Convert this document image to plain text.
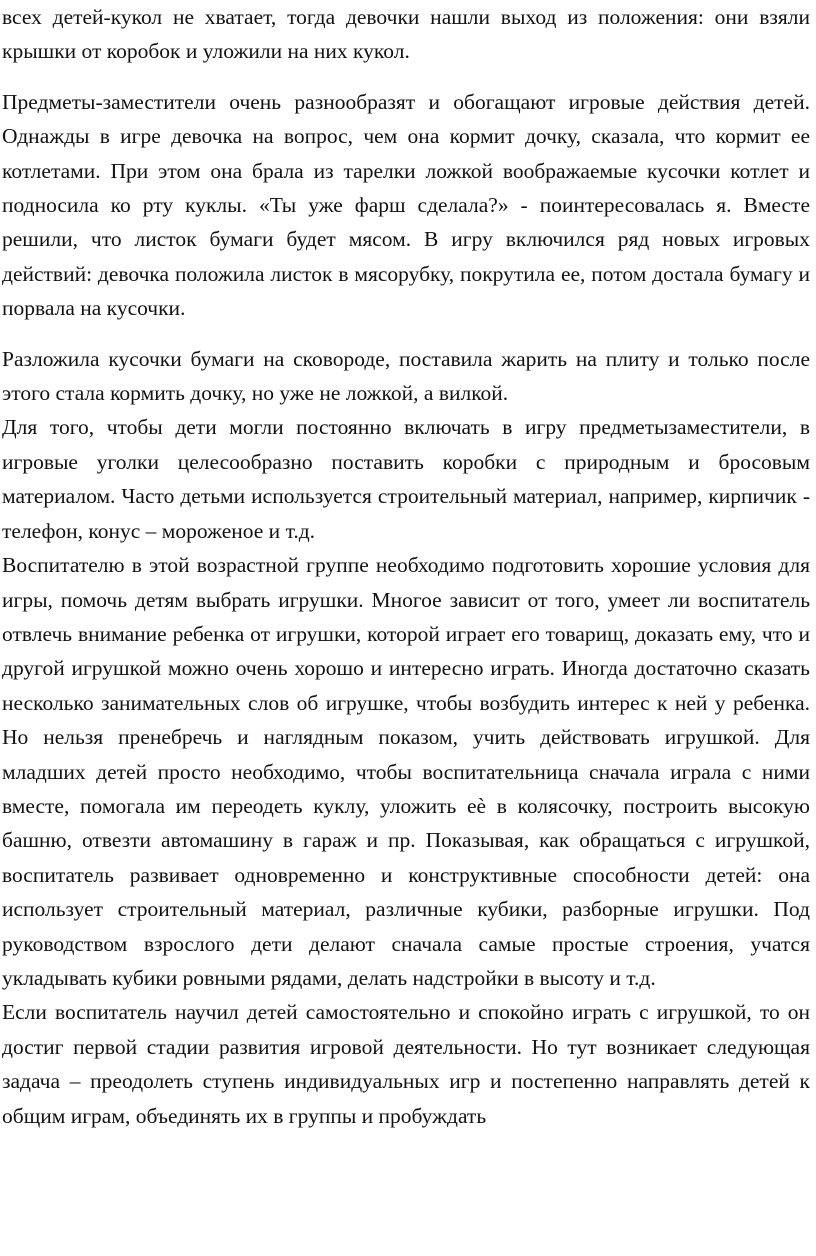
всех детей-кукол не хватает, тогда девочки нашли выход из положения: они взяли крышки от коробок и уложили на них кукол.

Предметы-заместители очень разнообразят и обогащают игровые действия детей. Однажды в игре девочка на вопрос, чем она кормит дочку, сказала, что кормит ее котлетами. При этом она брала из тарелки ложкой воображаемые кусочки котлет и подносила ко рту куклы. «Ты уже фарш сделала?» - поинтересовалась я. Вместе решили, что листок бумаги будет мясом. В игру включился ряд новых игровых действий: девочка положила листок в мясорубку, покрутила ее, потом достала бумагу и порвала на кусочки.

Разложила кусочки бумаги на сковороде, поставила жарить на плиту и только после этого стала кормить дочку, но уже не ложкой, а вилкой.

Для того, чтобы дети могли постоянно включать в игру предметызаместители, в игровые уголки целесообразно поставить коробки с природным и бросовым материалом. Часто детьми используется строительный материал, например, кирпичик - телефон, конус – мороженое и т.д.

Воспитателю в этой возрастной группе необходимо подготовить хорошие условия для игры, помочь детям выбрать игрушки. Многое зависит от того, умеет ли воспитатель отвлечь внимание ребенка от игрушки, которой играет его товарищ, доказать ему, что и другой игрушкой можно очень хорошо и интересно играть. Иногда достаточно сказать несколько занимательных слов об игрушке, чтобы возбудить интерес к ней у ребенка. Но нельзя пренебречь и наглядным показом, учить действовать игрушкой. Для младших детей просто необходимо, чтобы воспитательница сначала играла с ними вместе, помогала им переодеть куклу, уложить еѐ в колясочку, построить высокую башню, отвезти автомашину в гараж и пр. Показывая, как обращаться с игрушкой, воспитатель развивает одновременно и конструктивные способности детей: она использует строительный материал, различные кубики, разборные игрушки. Под руководством взрослого дети делают сначала самые простые строения, учатся укладывать кубики ровными рядами, делать надстройки в высоту и т.д.

Если воспитатель научил детей самостоятельно и спокойно играть с игрушкой, то он достиг первой стадии развития игровой деятельности. Но тут возникает следующая задача – преодолеть ступень индивидуальных игр и постепенно направлять детей к общим играм, объединять их в группы и пробуждать
